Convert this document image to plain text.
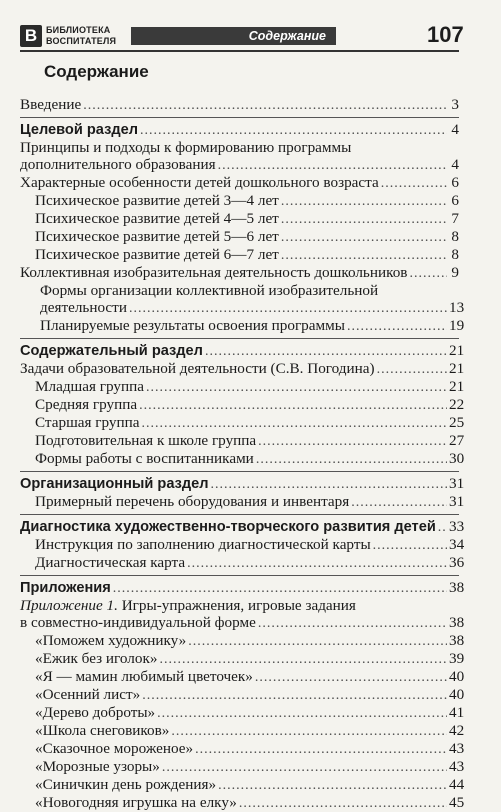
В БИБЛИОТЕКА
ВОСПИТАТЕЛЯ	Содержание	107
Содержание
Введение .....	3
Целевой раздел .....	4
Принципы и подходы к формированию программы
дополнительного образования .....	4
Характерные особенности детей дошкольного возраста .....	6
Психическое развитие детей 3—4 лет .....	6
Психическое развитие детей 4—5 лет .....	7
Психическое развитие детей 5—6 лет .....	8
Психическое развитие детей 6—7 лет .....	8
Коллективная изобразительная деятельность дошкольников .....	9
Формы организации коллективной изобразительной
деятельности .....	13
Планируемые результаты освоения программы .....	19
Содержательный раздел .....	21
Задачи образовательной деятельности (С.В. Погодина) .....	21
Младшая группа .....	21
Средняя группа .....	22
Старшая группа .....	25
Подготовительная к школе группа .....	27
Формы работы с воспитанниками .....	30
Организационный раздел .....	31
Примерный перечень оборудования и инвентаря .....	31
Диагностика художественно-творческого развития детей ..... 33
Инструкция по заполнению диагностической карты .....	34
Диагностическая карта .....	36
Приложения .....	38
Приложение 1. Игры-упражнения, игровые задания
в совместно-индивидуальной форме .....	38
«Поможем художнику» .....	38
«Ежик без иголок» .....	39
«Я — мамин любимый цветочек» .....	40
«Осенний лист» .....	40
«Дерево доброты» .....	41
«Школа снеговиков» .....	42
«Сказочное мороженое» .....	43
«Морозные узоры» .....	43
«Синичкин день рождения» .....	44
«Новогодняя игрушка на елку» .....	45
